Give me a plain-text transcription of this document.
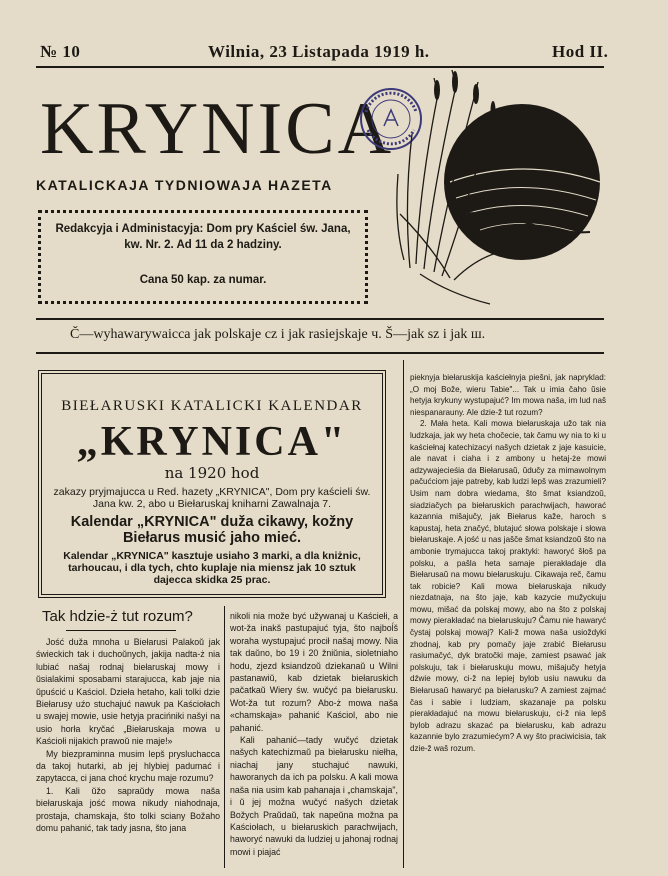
№ 10	Wilnia, 23 Listapada 1919 h.	Hod II.
KRYNICA
KATALICKAJA TYDNIOWAJA HAZETA
Redakcyja i Administacyja: Dom pry Kaściel św. Jana,
kw. Nr. 2. Ad 11 da 2 hadziny.
Cana 50 kap. za numar.
Č—wyhawarywaicca jak polskaje cz i jak rasiejskaje ч. Š—jak sz i jak ш.
BIEŁARUSKI KATALICKI KALENDAR
„KRYNICA"
na 1920 hod
zakazy pryjmajucca u Red. hazety „KRYNICA", Dom pry kaścieli św. Jana kw. 2, abo u Biełaruskaj kniharni Zawalnaja 7.
Kalendar „KRYNICA" duža cikawy, kožny Biełarus musić jaho mieć.
Kalendar „KRYNICA" kasztuje usiaho 3 marki, a dla kniżnic, tarhoucau, i dla tych, chto kuplaje nia miensz jak 10 sztuk dajecca skidka 25 prac.
Tak hdzie-ż tut rozum?

Jość duža mnoha u Biełarusi Palakoŭ jak świeckich tak i duchoŭnych, jakija nadta-ż nia lubiać našaj rodnaj biełaruskaj mowy i ŭsialakimi sposabami starajucca, kab jaje nia ŭpuścić u Kaściol. Dzieła hetaho, kali tolki dzie Biełarusy uźo stuchajuć nawuk pa Kaściołach u swajej mowie, usie hetyja pracińniki našyi na usio horła kryčać „Biełaruskaja mowa u Kaściołi nijakich prawoŭ nie maje!»

My biezpraminna musim lepš prysluchacca da takoj hutarki, ab jej hlybiej padumać i zapytacca, ci jana choć krychu maje rozumu?

1. Kali ŭžo sapraŭdy mowa naša biełaruskaja jość mowa nikudy niahodnaja, prostaja, chamskaja, što tolki sciany Božaho domu pahanić, tak tady jasna, što jana

nikoli nia može być užywanaj u Kaściełi, a wot-ža inakš pastupajuć tyja, što najboĺš woraha wystupajuć procił našaj mowy. Nia tak daŭno, bo 19 i 20 žniŭnia, sioletniaho hodu, zjezd ksiandzoŭ dziekanaŭ u Wilni pastanawiŭ, kab dzietak biełaruskich pačatkaŭ Wiery św. wučyć pa biełarusku. Wot-ža tut rozum? Abo-ż mowa naša «chamskaja» pahanić Kaściol, abo nie pahanić.

Kali pahanić—tady wučyć dzietak našych katechizmaŭ pa biełarusku niełha, niachaj jany stuchajuć nawuki, haworanych da ich pa polsku. A kali mowa naša nia usim kab pahanaja i „chamskaja", i ŭ jej možna wučyć našych dzietak Božych Praŭdaŭ, tak napeŭna možna pa Kaściołach, u biełaruskich parachwijach, haworyć nawuki da ludziej u jahonaj rodnaj mowi i piajać

pieknyja biełaruskija kaściełnyja piešni, jak napryklad: „O moj Bože, wieru Tabie"... Tak u imia čaho ŭsie hetyja krykuny wystupajuć? Im mowa naša, im lud naš niespanarauny. Ale dzie-ž tut rozum?

2. Mała heta. Kali mowa biełaruskaja užo tak nia ludzkaja, jak wy heta chočecie, tak čamu wy nia to ki u kaściełnaj katechizacyi našych dzietak z jaje kasuicie, ale navat i ciaha i z ambony u hetaj-że mowi adzywajecieśia da Biełarusaŭ, ŭdučy za mimawolnym pačućciom jaje patreby, kab ludzi lepš was zrazumieli? Usim nam dobra wiedama, što šmat ksiandzoŭ, siadziačych pa biełaruskich parachwijach, haworać kazannia mišajučy, jak Biełarus kaže, haroch s kapustaj, heta značyć, blutajuć słowa polskaje i słowa biełaruskaje. A jość u nas jašče šmat ksiandzoŭ što na ambonie trymajucca takoj praktyki: haworyć šłoš pa polsku, a pašla heta samaje pierakładaje dla Biełarusaŭ na mowu biełaruskuju. Cikawaja reč, čamu tak robicie? Kali mowa biełaruskaja nikudy niezdatnaja, na što jaje, kab kazycie mužyckuju mowu, mišać da polskaj mowy, abo na što z polskaj mowy pierakładać na biełaruskuju? Čamu nie hawaryć čystaj polskaj mowaj? Kali-ž mowa naša usioždyki zhodnaj, kab pry pomačy jaje zrabić Biełarusu rasiumačyć, dyk bratočki maje, zamiest psawać jak polskuju, tak i biełaruskuju mowu, mišajučy hetyja dźwie mowy, ci-ž na lepiej bylob usiu nawuku da Biełarusaŭ hawaryć pa biełarusku? A zamiest zajmać čas i sabie i ludziam, skazanaje pa polsku pierakładajuć na mowu biełaruskuju, ci-ž nia lepš bylob adrazu skazać pa biełarusku, kab adrazu kazannie bylo zrazumiećym? A wy što praciwicisia, tak dzie-ž waš rozum.
